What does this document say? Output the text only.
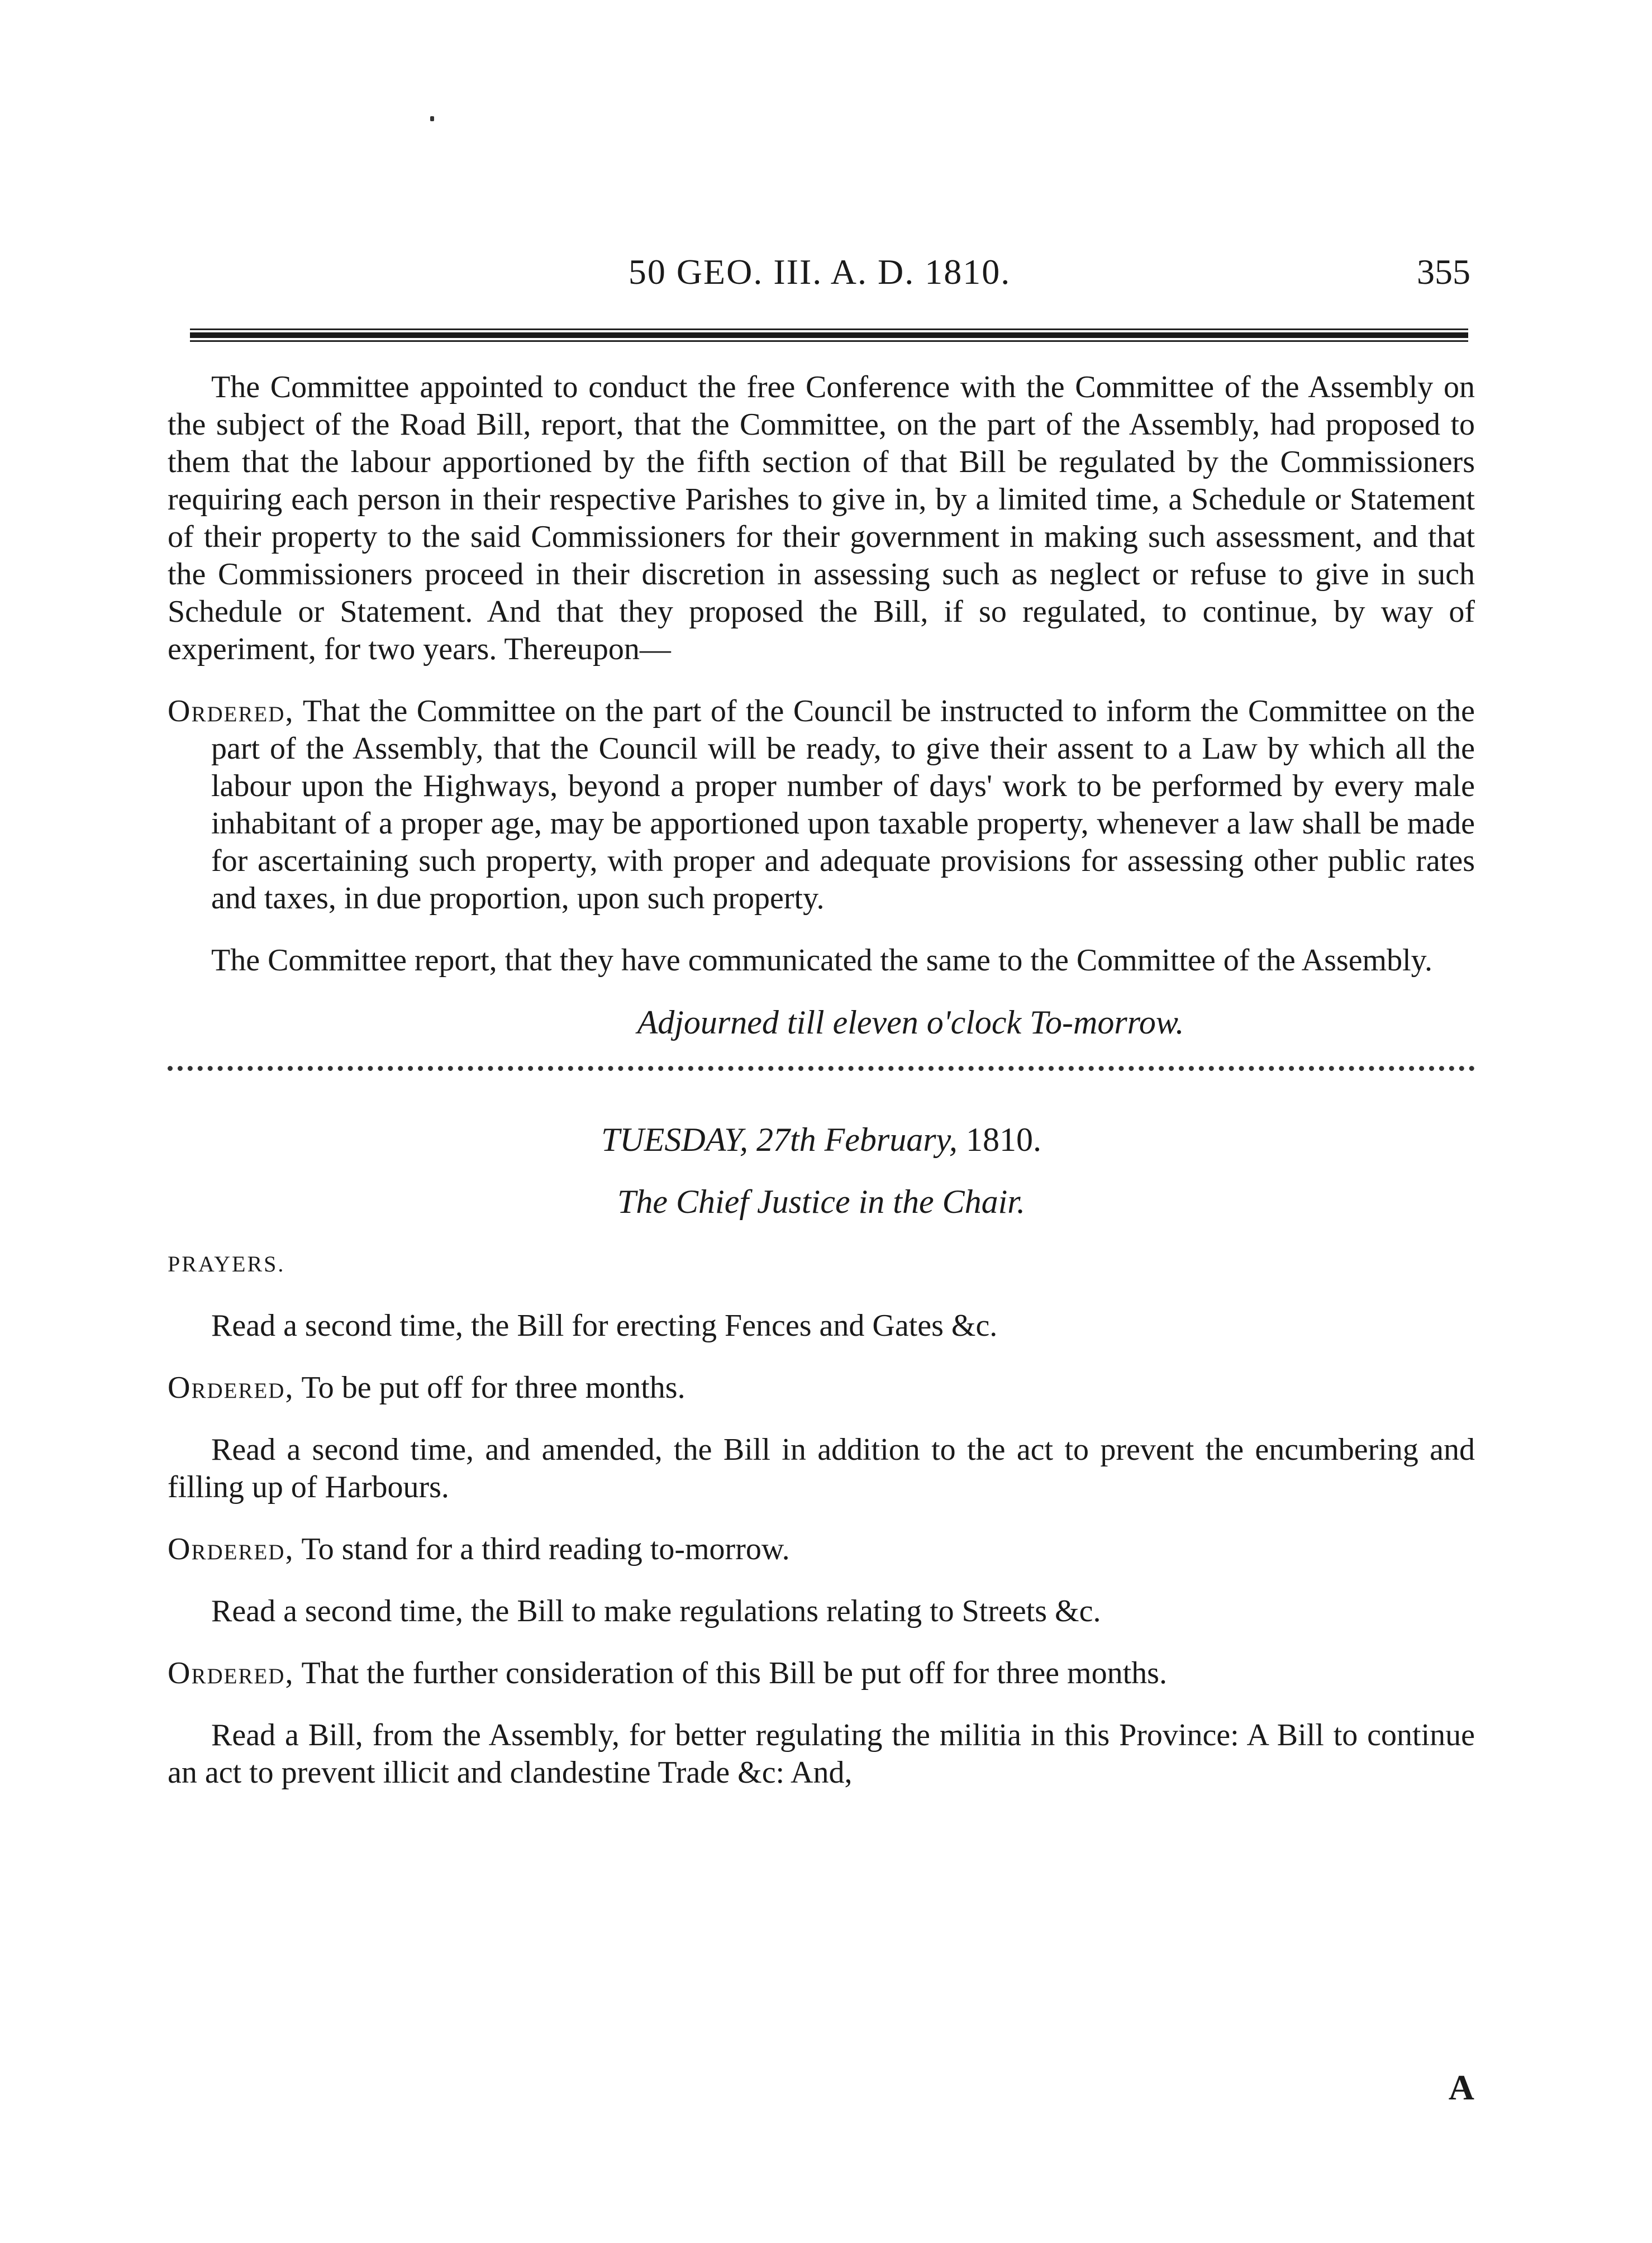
50 GEO. III. A. D. 1810.	355

The Committee appointed to conduct the free Conference with the Committee of the Assembly on the subject of the Road Bill, report, that the Committee, on the part of the Assembly, had proposed to them that the labour apportioned by the fifth section of that Bill be regulated by the Commissioners requiring each person in their respective Parishes to give in, by a limited time, a Schedule or Statement of their property to the said Commissioners for their government in making such assessment, and that the Commissioners proceed in their discretion in assessing such as neglect or refuse to give in such Schedule or Statement. And that they proposed the Bill, if so regulated, to continue, by way of experiment, for two years. Thereupon—

Ordered, That the Committee on the part of the Council be instructed to inform the Committee on the part of the Assembly, that the Council will be ready, to give their assent to a Law by which all the labour upon the Highways, beyond a proper number of days' work to be performed by every male inhabitant of a proper age, may be apportioned upon taxable property, whenever a law shall be made for ascertaining such property, with proper and adequate provisions for assessing other public rates and taxes, in due proportion, upon such property.

The Committee report, that they have communicated the same to the Committee of the Assembly.

Adjourned till eleven o'clock To-morrow.

TUESDAY, 27th February, 1810.

The Chief Justice in the Chair.

PRAYERS.

Read a second time, the Bill for erecting Fences and Gates &c.

Ordered, To be put off for three months.

Read a second time, and amended, the Bill in addition to the act to prevent the encumbering and filling up of Harbours.

Ordered, To stand for a third reading to-morrow.

Read a second time, the Bill to make regulations relating to Streets &c.

Ordered, That the further consideration of this Bill be put off for three months.

Read a Bill, from the Assembly, for better regulating the militia in this Province: A Bill to continue an act to prevent illicit and clandestine Trade &c: And,

A
